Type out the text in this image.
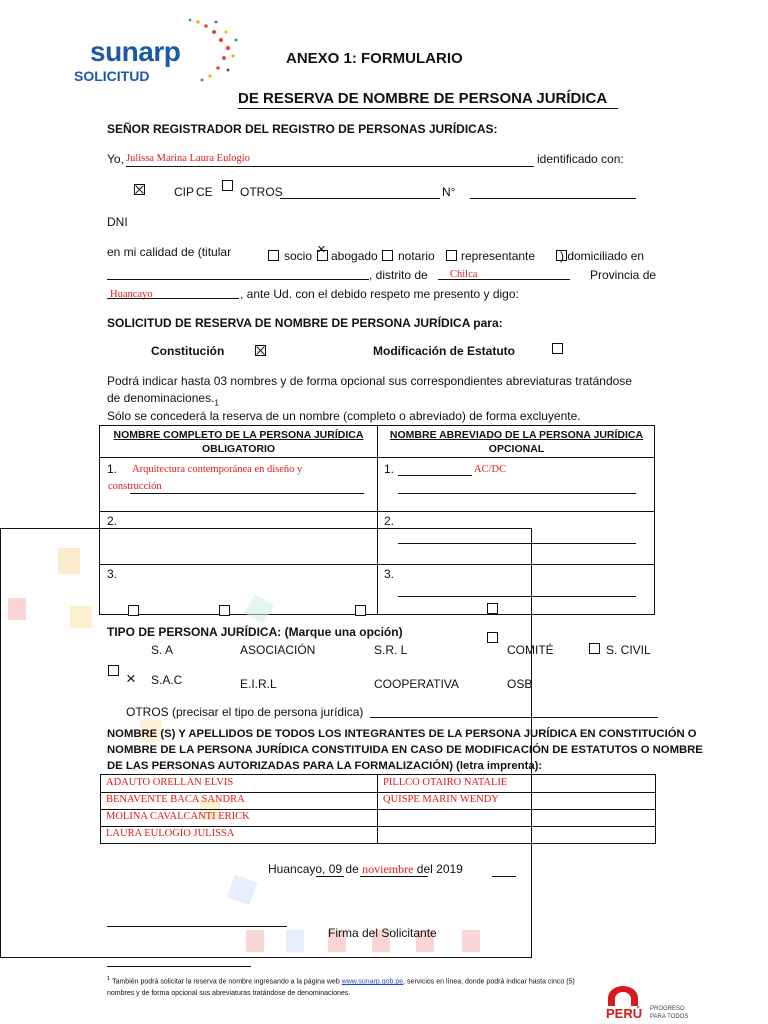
sunarp
SOLICITUD
ANEXO 1: FORMULARIO
DE RESERVA DE NOMBRE DE PERSONA JURÍDICA
SEÑOR REGISTRADOR DEL REGISTRO DE PERSONAS JURÍDICAS:
Yo, Julissa Marina Laura Eulogio	identificado con:
CIP CE OTROS	N°
DNI
en mi calidad de (titular	socio × abogado notario representante ) domiciliado en
, distrito de Chilca	Provincia de
Huancayo	, ante Ud. con el debido respeto me presento y digo:
SOLICITUD DE RESERVA DE NOMBRE DE PERSONA JURÍDICA para:
Constitución	Modificación de Estatuto
Podrá indicar hasta 03 nombres y de forma opcional sus correspondientes abreviaturas tratándose
de $denominaciones._1$
Sólo se concederá la reserva de un nombre (completo o abreviado) de forma excluyente.
NOMBRE COMPLETO DE LA PERSONA JURÍDICA
OBLIGATORIO
NOMBRE ABREVIADO DE LA PERSONA JURÍDICA
OPCIONAL
1. Arquitectura contemporánea en diseño y
construcción
1.	AC/DC
2.	2.
3.	3.
TIPO DE PERSONA JURÍDICA: (Marque una opción)
S. A	ASOCIACIÓN	S.R. L	COMITÉ	S. CIVIL
× S.A.C	E.I.R.L	COOPERATIVA	OSB
OTROS (precisar el tipo de persona jurídica)
NOMBRE (S) Y APELLIDOS DE TODOS LOS INTEGRANTES DE LA PERSONA JURÍDICA EN CONSTITUCIÓN O
NOMBRE DE LA PERSONA JURÍDICA CONSTITUIDA EN CASO DE MODIFICACIÓN DE ESTATUTOS O NOMBRE
DE LAS PERSONAS AUTORIZADAS PARA LA FORMALIZACIÓN) (letra imprenta):
ADAUTO ORELLAN ELVIS	PILLCO OTAIRO NATALIE
BENAVENTE BACA SANDRA	QUISPE MARIN WENDY
MOLINA CAVALCANTI ERICK
LAURA EULOGIO JULISSA
Huancayo, 09 de noviembre del 2019
Firma del Solicitante
$^1$ También podrá solicitar la reserva de nombre ingresando a la página web www.sunarp.gob.pe, servicios en línea, donde podrá indicar hasta cinco (5)
nombres y de forma opcional sus abreviaturas tratándose de denominaciones.
PERÚ PROGRESO
PARA TODOS
